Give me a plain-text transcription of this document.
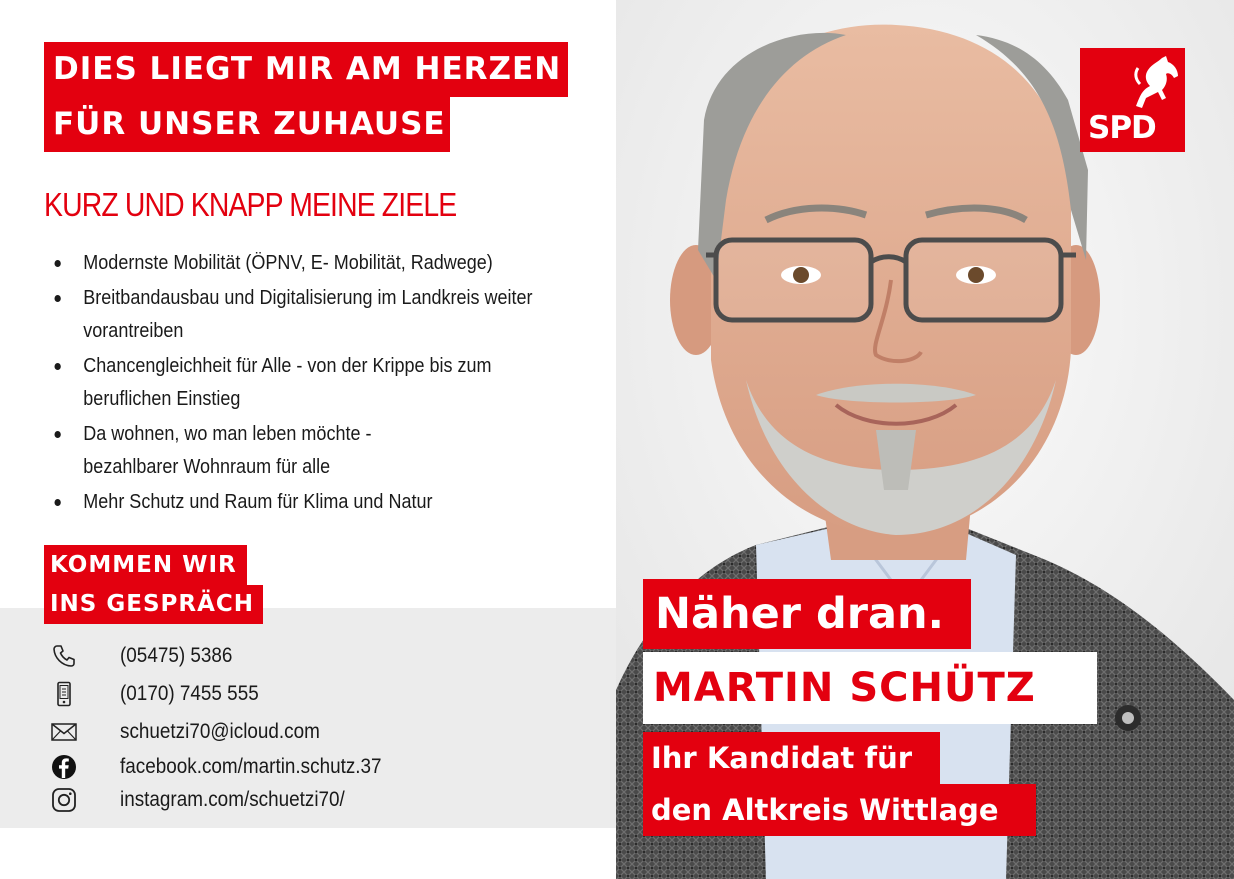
DIES LIEGT MIR AM HERZEN
FÜR UNSER ZUHAUSE
KURZ UND KNAPP MEINE ZIELE
Modernste Mobilität (ÖPNV, E- Mobilität, Radwege)
Breitbandausbau und Digitalisierung im Landkreis weiter
vorantreiben
Chancengleichheit für Alle - von der Krippe bis zum
beruflichen Einstieg
Da wohnen, wo man leben möchte -
bezahlbarer Wohnraum für alle
Mehr Schutz und Raum für Klima und Natur
KOMMEN WIR
INS GESPRÄCH
(05475) 5386
(0170) 7455 555
schuetzi70@icloud.com
facebook.com/martin.schutz.37
instagram.com/schuetzi70/
SPD
Näher dran.
MARTIN SCHÜTZ
Ihr Kandidat für
den Altkreis Wittlage
